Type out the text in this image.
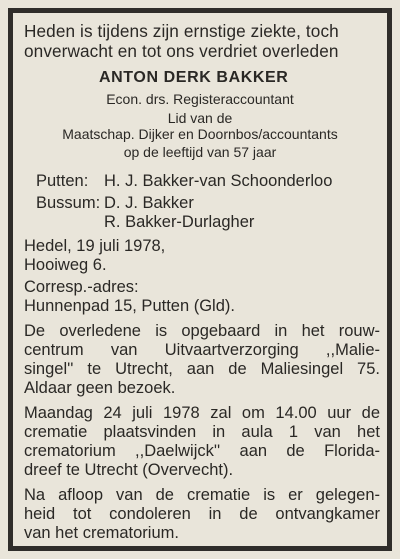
Heden is tijdens zijn ernstige ziekte, toch
onverwacht en tot ons verdriet overleden
ANTON DERK BAKKER
Econ. drs. Registeraccountant
Lid van de
Maatschap. Dijker en Doornbos/accountants
op de leeftijd van 57 jaar
Putten: H. J. Bakker-van Schoonderloo
Bussum: D. J. Bakker
R. Bakker-Durlagher
Hedel, 19 juli 1978,
Hooiweg 6.
Corresp.-adres:
Hunnenpad 15, Putten (Gld).
De overledene is opgebaard in het rouw-
centrum van Uitvaartverzorging ,,Malie-
singel'' te Utrecht, aan de Maliesingel 75.
Aldaar geen bezoek.
Maandag 24 juli 1978 zal om 14.00 uur de
crematie plaatsvinden in aula 1 van het
crematorium ,,Daelwijck'' aan de Florida-
dreef te Utrecht (Overvecht).
Na afloop van de crematie is er gelegen-
heid tot condoleren in de ontvangkamer
van het crematorium.
